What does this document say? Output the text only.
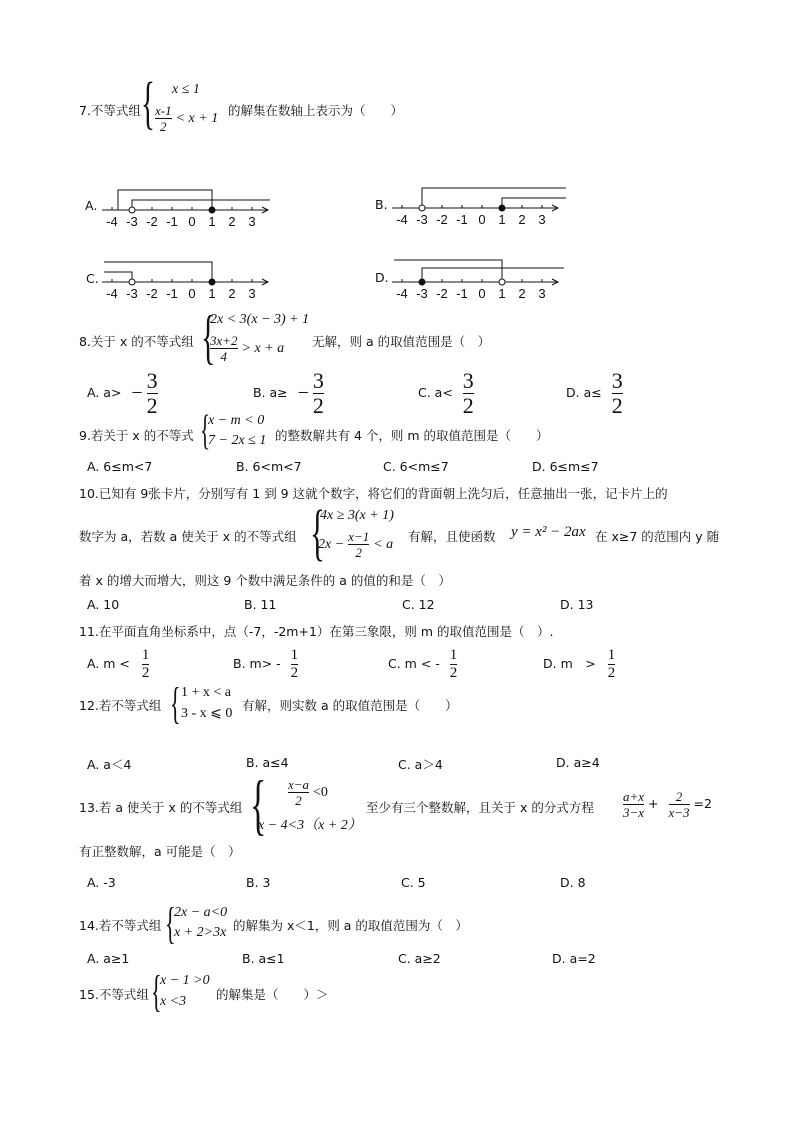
7.不等式组 { x ≤ 1
$\frac{x-1}{2} < x + 1$
的解集在数轴上表示为（　　）
A.
-4 -3 -2 -1 0 1 2 3
B.
-4 -3 -2 -1 0 1 2 3
C.
-4 -3 -2 -1 0 1 2 3
D.
-4 -3 -2 -1 0 1 2 3
8.关于 x 的不等式组 {
2x < 3(x − 3) + 1
$\frac{3x+2}{4} > x + a$ 无解，则 a 的取值范围是（　）
A. $a> - \frac{3}{2}$	B. $a\ge - \frac{3}{2}$	C. $a< \frac{3}{2}$	D. $a\le \frac{3}{2}$
9.若关于 x 的不等式 {
x − m < 0
7 − 2x ≤ 1 的整数解共有 4 个，则 m 的取值范围是（　　）
A. 6≤m<7	B. 6<m<7	C. 6<m≤7	D. 6≤m≤7
10.已知有 9张卡片，分别写有 1 到 9 这就个数字，将它们的背面朝上洗匀后，任意抽出一张，记卡片上的
数字为 a，若数 a 使关于 x 的不等式组 {
4x ≥ 3(x + 1)
$2x - \frac{x-1}{2} < a$
有解，且使函数 y = x² − 2ax 在 x≥7 的范围内 y 随
着 x 的增大而增大，则这 9 个数中满足条件的 a 的值的和是（　）
A. 10	B. 11	C. 12	D. 13
11.在平面直角坐标系中，点（-7，-2m+1）在第三象限，则 m 的取值范围是（　）.
A. $m < \frac{1}{2}$	B. $m> - \frac{1}{2}$	C. m < - $\frac{1}{2}$	D. m　> $\frac{1}{2}$
12.若不等式组 { 1 + x < a
3 - x ⩽ 0
有解，则实数 a 的取值范围是（　　）
A. a＜4	B. a≤4	C. a＞4	D. a≥4
13.若 a 使关于 x 的不等式组 { $\frac{x-a}{2} <0$
x − 4<3（x + 2）
至少有三个整数解，且关于 x 的分式方程 $\frac{a+x}{3-x} + \frac{2}{x-3} =2$
有正整数解，a 可能是（　）
A. -3	B. 3	C. 5	D. 8
14.若不等式组 {
2x − a<0
x + 2>3x 的解集为 x＜1，则 a 的取值范围为（　）
A. a≥1	B. a≤1	C. a≥2	D. a=2
15.不等式组 {
x − 1 >0
x <3 的解集是（　　）＞
